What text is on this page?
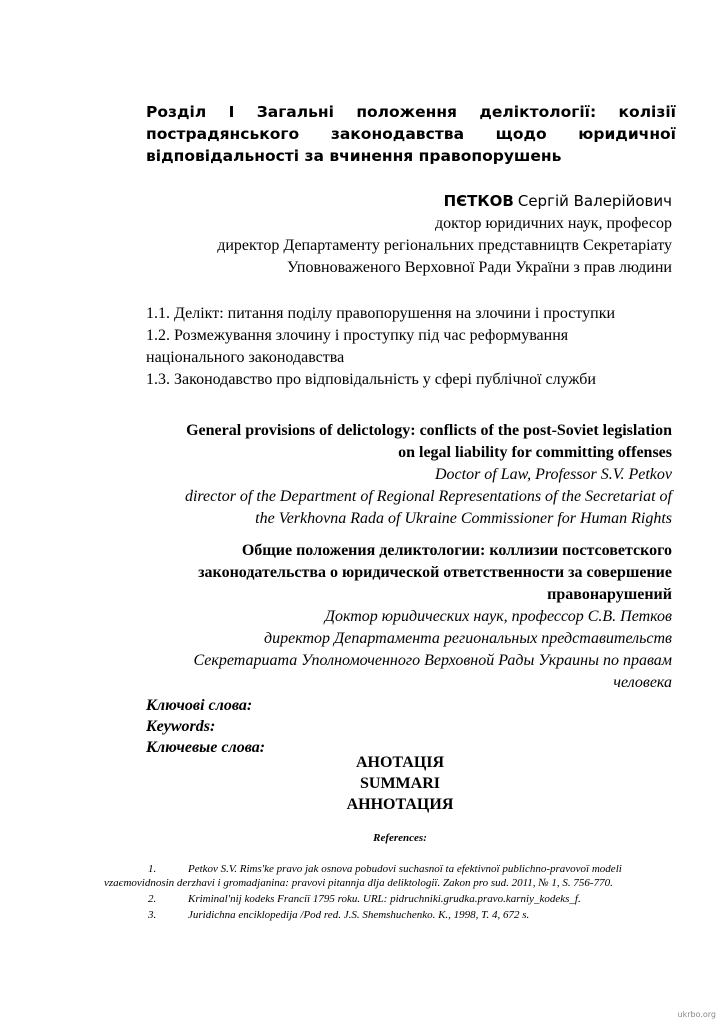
Розділ І Загальні положення деліктології: колізії пострадянського законодавства щодо юридичної відповідальності за вчинення правопорушень

ПЄТКОВ Сергій Валерійович
доктор юридичних наук, професор
директор Департаменту регіональних представництв Секретаріату
Уповноваженого Верховної Ради України з прав людини
1.1. Делікт: питання поділу правопорушення на злочини і проступки
1.2. Розмежування злочину і проступку під час реформування
національного законодавства
1.3. Законодавство про відповідальність у сфері публічної служби
General provisions of delictology: conflicts of the post-Soviet legislation
on legal liability for committing offenses
Doctor of Law, Professor S.V. Petkov
director of the Department of Regional Representations of the Secretariat of
the Verkhovna Rada of Ukraine Commissioner for Human Rights
Общие положения деликтологии: коллизии постсоветского
законодательства о юридической ответственности за совершение
правонарушений
Доктор юридических наук, профессор С.В. Петков
директор Департамента региональных представительств
Секретариата Уполномоченного Верховной Рады Украины по правам
человека
Ключові слова:
Keywords:
Ключевые слова:
АНОТАЦІЯ
SUMMARI
АННОТАЦИЯ
References:
1.	Petkov S.V. Rims'ke pravo jak osnova pobudovi suchasnoї ta efektivnoї publichno-pravovoї modeli
vzaєmovidnosin derzhavi i gromadjanina: pravovi pitannja dlja deliktologiї. Zakon pro sud. 2011, № 1, S. 756-770.
2.	Kriminal'nij kodeks Francії 1795 roku. URL: pidruchniki.grudka.pravo.karniy_kodeks_f.
3.	Juridichna enciklopedija /Pod red. J.S. Shemshuchenko. K., 1998, T. 4, 672 s.
ukrbo.org
